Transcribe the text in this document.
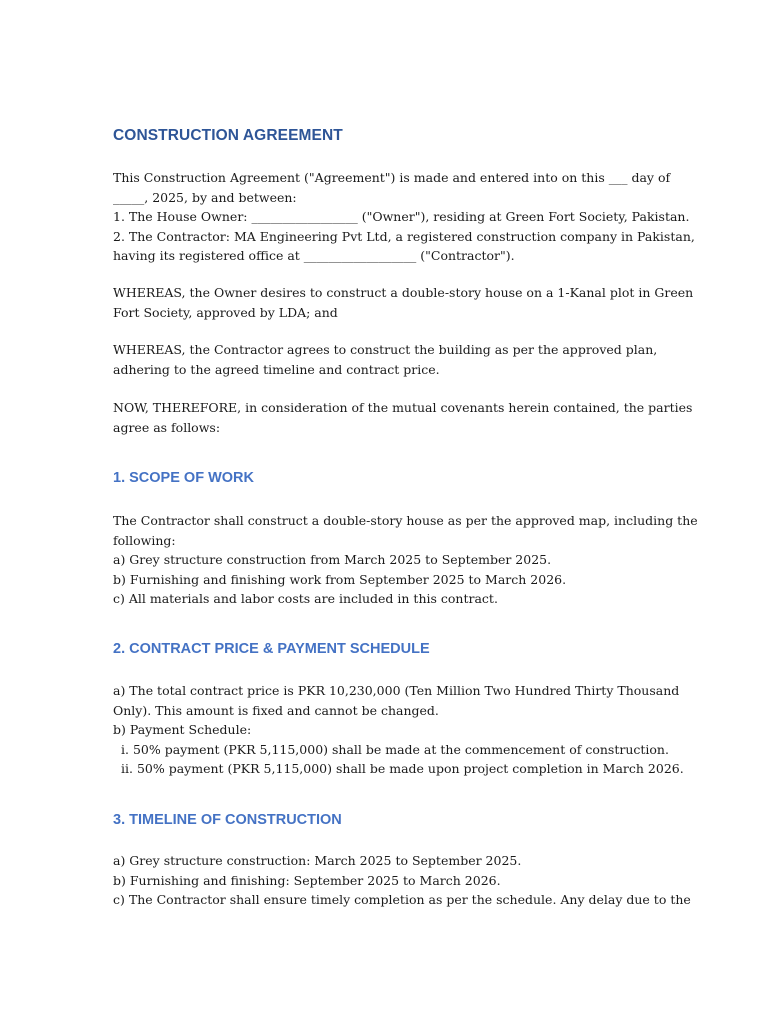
CONSTRUCTION AGREEMENT
This Construction Agreement ("Agreement") is made and entered into on this ___ day of
_____, 2025, by and between:
1. The House Owner: _________________ ("Owner"), residing at Green Fort Society, Pakistan.
2. The Contractor: MA Engineering Pvt Ltd, a registered construction company in Pakistan,
having its registered office at __________________ ("Contractor").
WHEREAS, the Owner desires to construct a double-story house on a 1-Kanal plot in Green
Fort Society, approved by LDA; and
WHEREAS, the Contractor agrees to construct the building as per the approved plan,
adhering to the agreed timeline and contract price.
NOW, THEREFORE, in consideration of the mutual covenants herein contained, the parties
agree as follows:
1. SCOPE OF WORK
The Contractor shall construct a double-story house as per the approved map, including the
following:
a) Grey structure construction from March 2025 to September 2025.
b) Furnishing and finishing work from September 2025 to March 2026.
c) All materials and labor costs are included in this contract.
2. CONTRACT PRICE & PAYMENT SCHEDULE
a) The total contract price is PKR 10,230,000 (Ten Million Two Hundred Thirty Thousand
Only). This amount is fixed and cannot be changed.
b) Payment Schedule:
i. 50% payment (PKR 5,115,000) shall be made at the commencement of construction.
ii. 50% payment (PKR 5,115,000) shall be made upon project completion in March 2026.
3. TIMELINE OF CONSTRUCTION
a) Grey structure construction: March 2025 to September 2025.
b) Furnishing and finishing: September 2025 to March 2026.
c) The Contractor shall ensure timely completion as per the schedule. Any delay due to the
